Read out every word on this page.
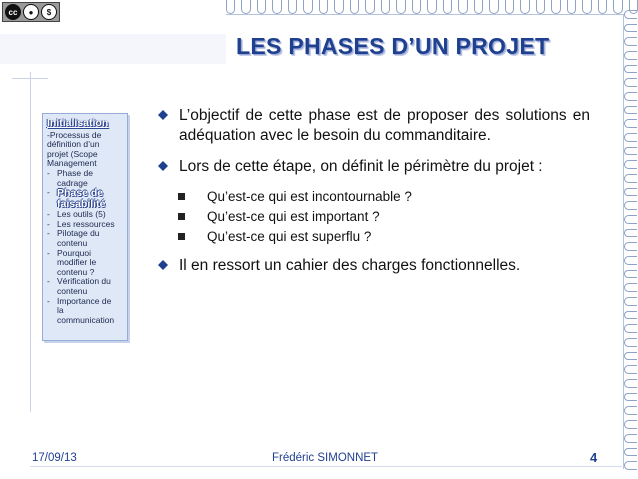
cc	●	$
LES PHASES D’UN PROJET
Initialisation
-Processus de
définition d’un
projet (Scope
Management
- Phase de
cadrage
- Phase de
faisabilité
- Les outils (5)
- Les ressources
- Pilotage du
contenu
- Pourquoi
modifier le
contenu ?
- Vérification du
contenu
- Importance de
la
communication
L’objectif de cette phase est de proposer des solutions en adéquation avec le besoin du commanditaire.
Lors de cette étape, on définit le périmètre du projet :
Qu’est-ce qui est incontournable ?
Qu’est-ce qui est important ?
Qu’est-ce qui est superflu ?
Il en ressort un cahier des charges fonctionnelles.
17/09/13	Frédéric SIMONNET	4
